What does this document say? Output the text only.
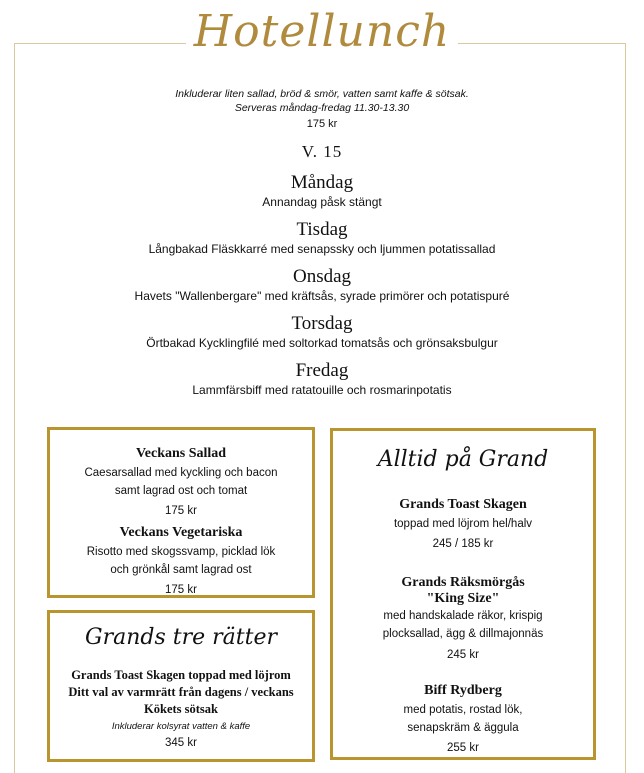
Hotellunch
Inkluderar liten sallad, bröd & smör, vatten samt kaffe & sötsak.
Serveras måndag-fredag 11.30-13.30
175 kr
V. 15
Måndag
Annandag påsk stängt
Tisdag
Långbakad Fläskkarré med senapssky och ljummen potatissallad
Onsdag
Havets "Wallenbergare" med kräftsås, syrade primörer och potatispuré
Torsdag
Örtbakad Kycklingfilé med soltorkad tomatsås och grönsaksbulgur
Fredag
Lammfärsbiff med ratatouille och rosmarinpotatis
Veckans Sallad
Caesarsallad med kyckling och bacon
samt lagrad ost och tomat
175 kr
Veckans Vegetariska
Risotto med skogssvamp, picklad lök
och grönkål samt lagrad ost
175 kr
Grands tre rätter
Grands Toast Skagen toppad med löjrom
Ditt val av varmrätt från dagens / veckans
Kökets sötsak
Inkluderar kolsyrat vatten & kaffe
345 kr
Alltid på Grand
Grands Toast Skagen
toppad med löjrom hel/halv
245 / 185 kr
Grands Räksmörgås
"King Size"
med handskalade räkor, krispig
plocksallad, ägg & dillmajonnäs
245 kr
Biff Rydberg
med potatis, rostad lök,
senapskräm & äggula
255 kr
